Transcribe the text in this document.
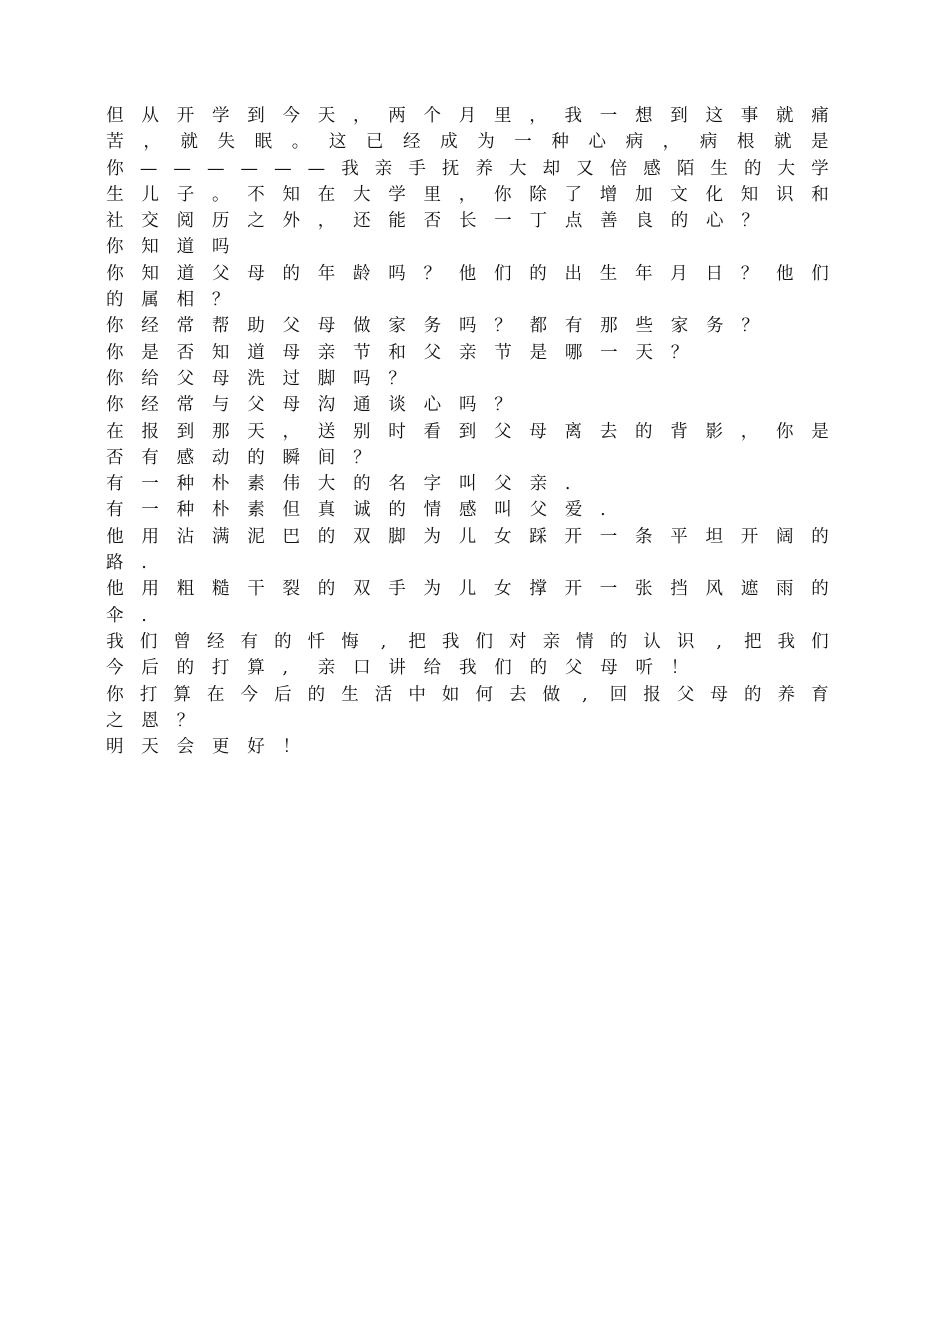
但 从 开 学 到 今 天 ， 两 个 月 里 ， 我 一 想 到 这 事 就 痛
苦 ， 就 失 眠 。 这 已 经 成 为 一 种 心 病 ， 病 根 就 是
你 — — — — — — 我 亲 手 抚 养 大 却 又 倍 感 陌 生 的 大 学
生 儿 子 。 不 知 在 大 学 里 ， 你 除 了 增 加 文 化 知 识 和
社	交	阅	历	之	外	，	还	能	否	长	一	丁	点	善	良	的	心	？
你	知	道	吗
你 知 道 父 母 的 年 龄 吗 ？ 他 们 的 出 生 年 月 日 ？ 他 们
的	属	相	？
你	经	常	帮	助	父	母	做	家	务	吗	？	都	有	那	些	家	务	？
你	是	否	知	道	母	亲	节	和	父	亲	节	是	哪	一	天	？
你	给	父	母	洗	过	脚	吗	？
你	经	常	与	父	母	沟	通	谈	心	吗	？
在 报 到 那 天 ， 送 别 时 看 到 父 母 离 去 的 背 影 ， 你 是
否	有	感	动	的	瞬	间	？
有	一	种	朴	素	伟	大	的	名	字	叫	父	亲	.
有	一	种	朴	素	但	真	诚	的	情	感	叫	父	爱	.
他 用 沾 满 泥 巴 的 双 脚 为 儿 女 踩 开 一 条 平 坦 开 阔 的
路	.
他 用 粗 糙 干 裂 的 双 手 为 儿 女 撑 开 一 张 挡 风 遮 雨 的
伞	.
我 们 曾 经 有 的 忏 悔	,	把 我 们 对 亲 情 的 认 识	,	把 我 们
今	后	的	打	算	,	亲	口	讲	给	我	们	的	父	母	听	！
你 打 算 在 今 后 的 生 活 中 如 何 去 做	,	回 报 父 母 的 养 育
之	恩	？
明	天	会	更	好	！
